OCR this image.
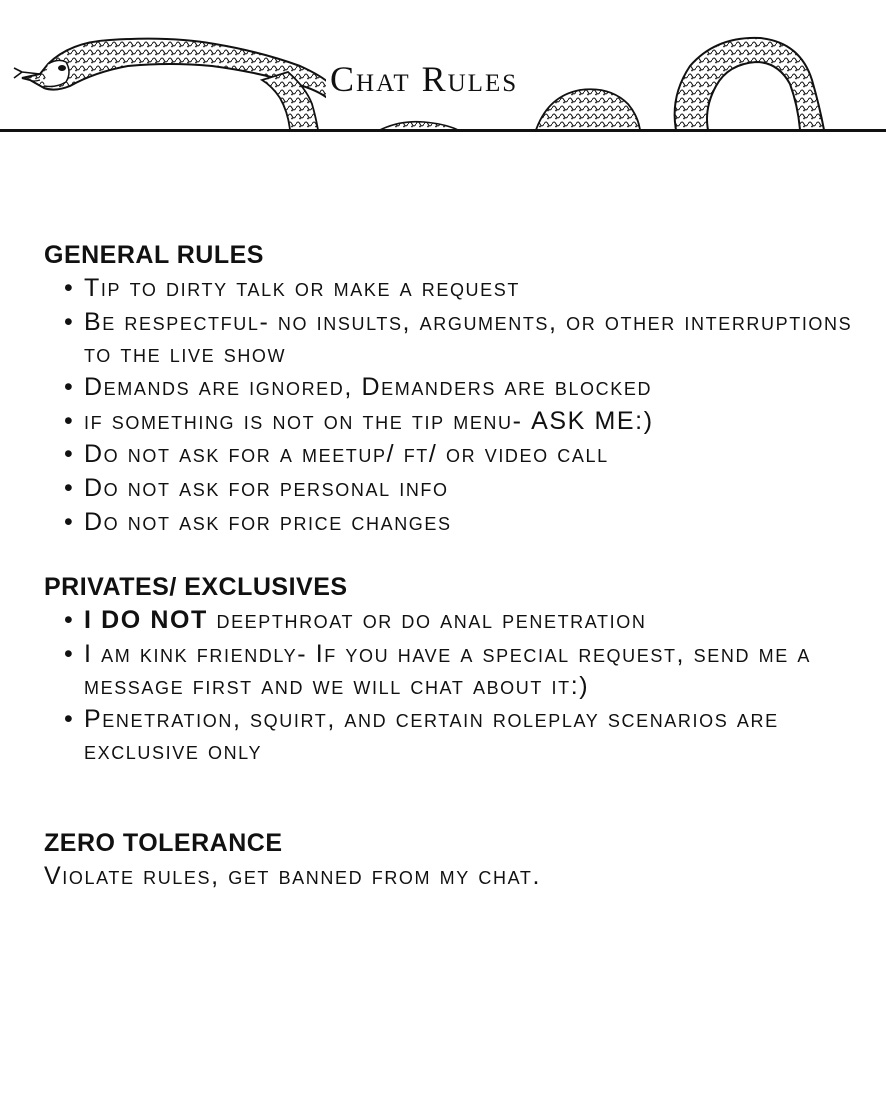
Chat Rules
GENERAL RULES
• Tip to dirty talk or make a request
• Be respectful- no insults, arguments, or other interruptions to the live show
• Demands are ignored, Demanders are blocked
• if something is not on the tip menu- ASK ME:)
• Do not ask for a meetup/ ft/ or video call
• Do not ask for personal info
• Do not ask for price changes
PRIVATES/ EXCLUSIVES
• I DO NOT deepthroat or do anal penetration
• I am kink friendly- If you have a special request, send me a message first and we will chat about it:)
• Penetration, squirt, and certain roleplay scenarios are exclusive only
ZERO TOLERANCE
Violate rules, get banned from my chat.
